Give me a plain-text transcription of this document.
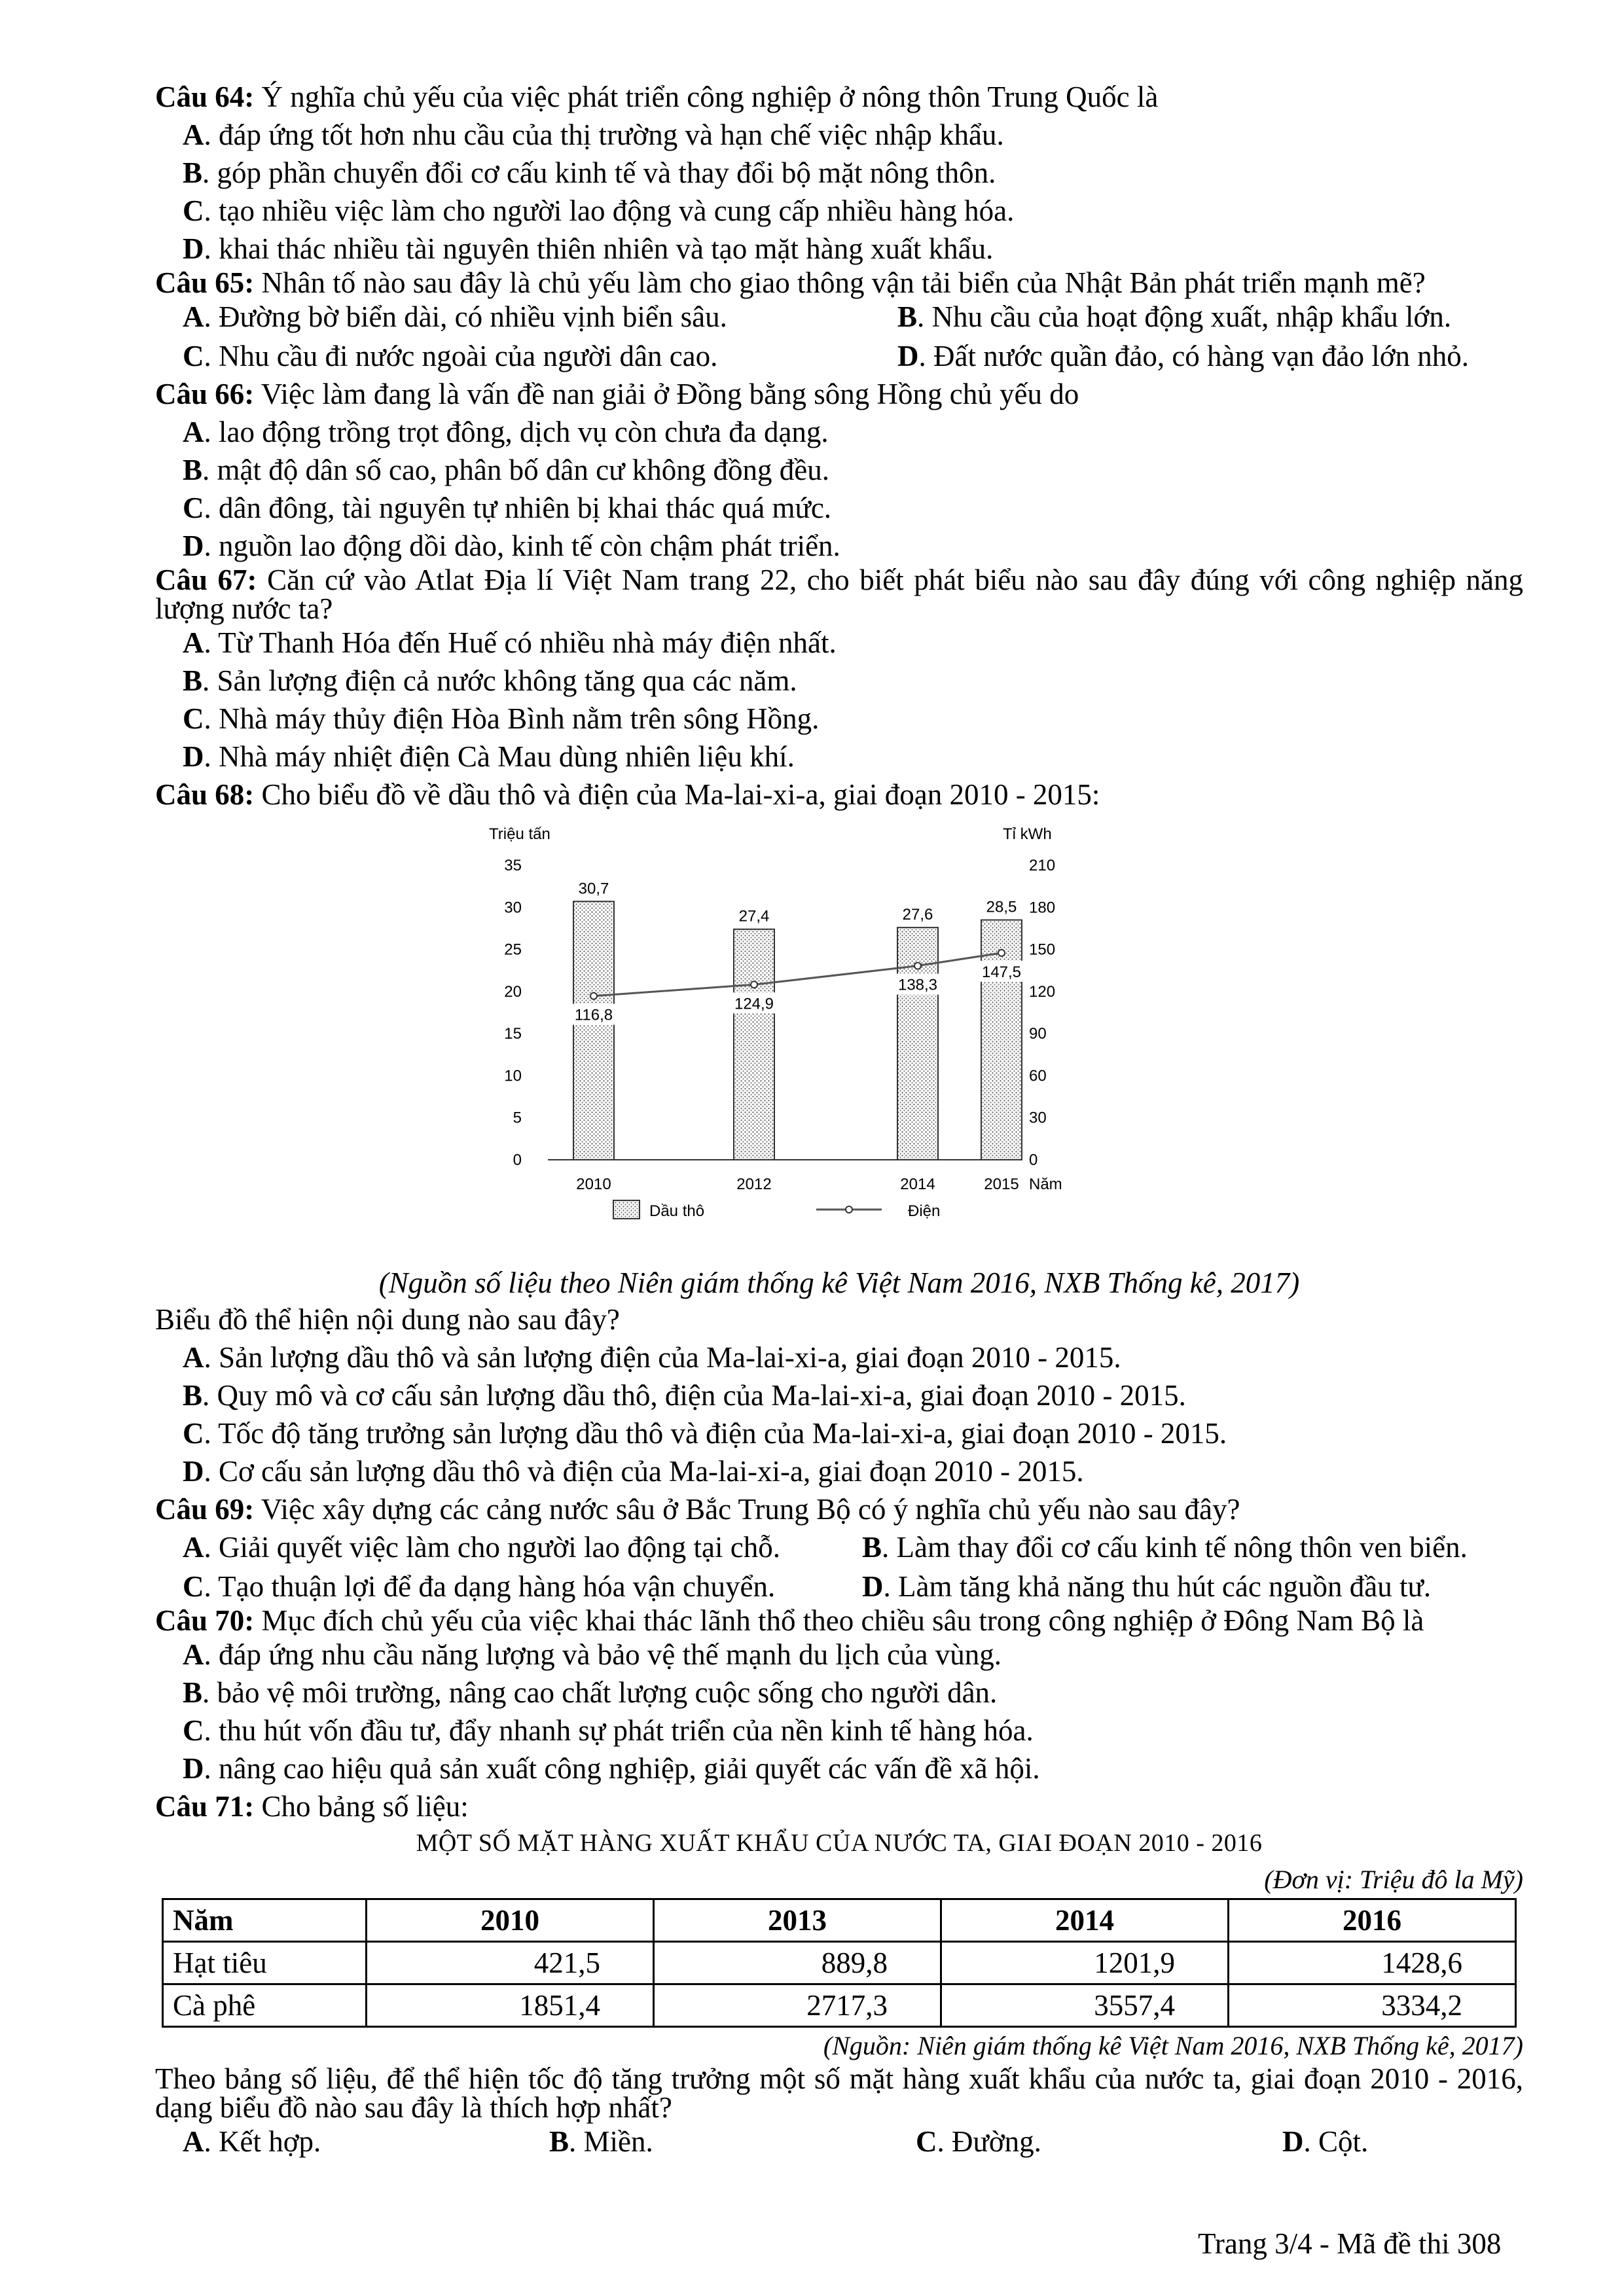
Câu 64: Ý nghĩa chủ yếu của việc phát triển công nghiệp ở nông thôn Trung Quốc là

A. đáp ứng tốt hơn nhu cầu của thị trường và hạn chế việc nhập khẩu.
B. góp phần chuyển đổi cơ cấu kinh tế và thay đổi bộ mặt nông thôn.
C. tạo nhiều việc làm cho người lao động và cung cấp nhiều hàng hóa.
D. khai thác nhiều tài nguyên thiên nhiên và tạo mặt hàng xuất khẩu.

Câu 65: Nhân tố nào sau đây là chủ yếu làm cho giao thông vận tải biển của Nhật Bản phát triển mạnh mẽ?

A. Đường bờ biển dài, có nhiều vịnh biển sâu.	B. Nhu cầu của hoạt động xuất, nhập khẩu lớn.
C. Nhu cầu đi nước ngoài của người dân cao.	D. Đất nước quần đảo, có hàng vạn đảo lớn nhỏ.

Câu 66: Việc làm đang là vấn đề nan giải ở Đồng bằng sông Hồng chủ yếu do

A. lao động trồng trọt đông, dịch vụ còn chưa đa dạng.
B. mật độ dân số cao, phân bố dân cư không đồng đều.
C. dân đông, tài nguyên tự nhiên bị khai thác quá mức.
D. nguồn lao động dồi dào, kinh tế còn chậm phát triển.

Câu 67: Căn cứ vào Atlat Địa lí Việt Nam trang 22, cho biết phát biểu nào sau đây đúng với công nghiệp năng lượng nước ta?

A. Từ Thanh Hóa đến Huế có nhiều nhà máy điện nhất.
B. Sản lượng điện cả nước không tăng qua các năm.
C. Nhà máy thủy điện Hòa Bình nằm trên sông Hồng.
D. Nhà máy nhiệt điện Cà Mau dùng nhiên liệu khí.

Câu 68: Cho biểu đồ về dầu thô và điện của Ma-lai-xi-a, giai đoạn 2010 - 2015:

Triệu tấn	Tỉ kWh
0
5
10
15
20
25
30
35
0
30
60
90
120
150
180
210
30,7
27,4	27,6	28,5
116,8
124,9
138,3
147,5
2010	2012	2014	2015 Năm
Dầu thô	Điện

(Nguồn số liệu theo Niên giám thống kê Việt Nam 2016, NXB Thống kê, 2017)

Biểu đồ thể hiện nội dung nào sau đây?

A. Sản lượng dầu thô và sản lượng điện của Ma-lai-xi-a, giai đoạn 2010 - 2015.
B. Quy mô và cơ cấu sản lượng dầu thô, điện của Ma-lai-xi-a, giai đoạn 2010 - 2015.
C. Tốc độ tăng trưởng sản lượng dầu thô và điện của Ma-lai-xi-a, giai đoạn 2010 - 2015.
D. Cơ cấu sản lượng dầu thô và điện của Ma-lai-xi-a, giai đoạn 2010 - 2015.

Câu 69: Việc xây dựng các cảng nước sâu ở Bắc Trung Bộ có ý nghĩa chủ yếu nào sau đây?

A. Giải quyết việc làm cho người lao động tại chỗ.	B. Làm thay đổi cơ cấu kinh tế nông thôn ven biển.
C. Tạo thuận lợi để đa dạng hàng hóa vận chuyển.	D. Làm tăng khả năng thu hút các nguồn đầu tư.

Câu 70: Mục đích chủ yếu của việc khai thác lãnh thổ theo chiều sâu trong công nghiệp ở Đông Nam Bộ là

A. đáp ứng nhu cầu năng lượng và bảo vệ thế mạnh du lịch của vùng.
B. bảo vệ môi trường, nâng cao chất lượng cuộc sống cho người dân.
C. thu hút vốn đầu tư, đẩy nhanh sự phát triển của nền kinh tế hàng hóa.
D. nâng cao hiệu quả sản xuất công nghiệp, giải quyết các vấn đề xã hội.

Câu 71: Cho bảng số liệu:

MỘT SỐ MẶT HÀNG XUẤT KHẨU CỦA NƯỚC TA, GIAI ĐOẠN 2010 - 2016

(Đơn vị: Triệu đô la Mỹ)

Năm	2010	2013	2014	2016
Hạt tiêu	421,5	889,8	1201,9	1428,6
Cà phê	1851,4	2717,3	3557,4	3334,2

(Nguồn: Niên giám thống kê Việt Nam 2016, NXB Thống kê, 2017)

Theo bảng số liệu, để thể hiện tốc độ tăng trưởng một số mặt hàng xuất khẩu của nước ta, giai đoạn 2010 - 2016, dạng biểu đồ nào sau đây là thích hợp nhất?

A. Kết hợp.	B. Miền.	C. Đường.	D. Cột.
Trang 3/4 - Mã đề thi 308
